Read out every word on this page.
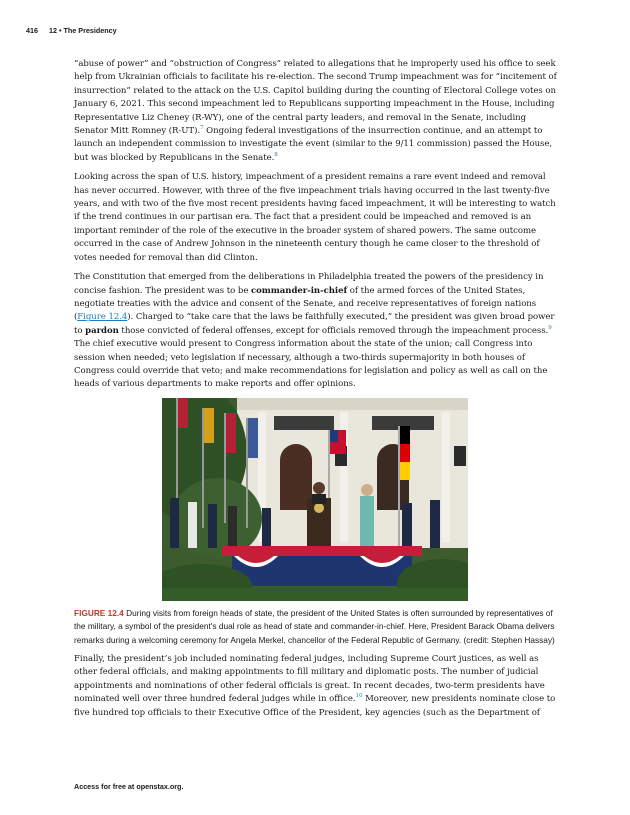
416 12 • The Presidency

“abuse of power” and “obstruction of Congress” related to allegations that he improperly used his office to seek help from Ukrainian officials to facilitate his re-election. The second Trump impeachment was for “incitement of insurrection” related to the attack on the U.S. Capitol building during the counting of Electoral College votes on January 6, 2021. This second impeachment led to Republicans supporting impeachment in the House, including Representative Liz Cheney (R-WY), one of the central party leaders, and removal in the Senate, including Senator Mitt Romney (R-UT).$^7$ Ongoing federal investigations of the insurrection continue, and an attempt to launch an independent commission to investigate the event (similar to the 9/11 commission) passed the House, but was blocked by Republicans in the Senate.$^8$

Looking across the span of U.S. history, impeachment of a president remains a rare event indeed and removal has never occurred. However, with three of the five impeachment trials having occurred in the last twenty-five years, and with two of the five most recent presidents having faced impeachment, it will be interesting to watch if the trend continues in our partisan era. The fact that a president could be impeached and removed is an important reminder of the role of the executive in the broader system of shared powers. The same outcome occurred in the case of Andrew Johnson in the nineteenth century though he came closer to the threshold of votes needed for removal than did Clinton.

The Constitution that emerged from the deliberations in Philadelphia treated the powers of the presidency in concise fashion. The president was to be commander-in-chief of the armed forces of the United States, negotiate treaties with the advice and consent of the Senate, and receive representatives of foreign nations (Figure 12.4). Charged to “take care that the laws be faithfully executed,” the president was given broad power to pardon those convicted of federal offenses, except for officials removed through the impeachment process.$^9$ The chief executive would present to Congress information about the state of the union; call Congress into session when needed; veto legislation if necessary, although a two-thirds supermajority in both houses of Congress could override that veto; and make recommendations for legislation and policy as well as call on the heads of various departments to make reports and offer opinions.

FIGURE 12.4 During visits from foreign heads of state, the president of the United States is often surrounded by representatives of the military, a symbol of the president's dual role as head of state and commander-in-chief. Here, President Barack Obama delivers remarks during a welcoming ceremony for Angela Merkel, chancellor of the Federal Republic of Germany. (credit: Stephen Hassay)

Finally, the president’s job included nominating federal judges, including Supreme Court justices, as well as other federal officials, and making appointments to fill military and diplomatic posts. The number of judicial appointments and nominations of other federal officials is great. In recent decades, two-term presidents have nominated well over three hundred federal judges while in office.$^{10}$ Moreover, new presidents nominate close to five hundred top officials to their Executive Office of the President, key agencies (such as the Department of

Access for free at openstax.org.
